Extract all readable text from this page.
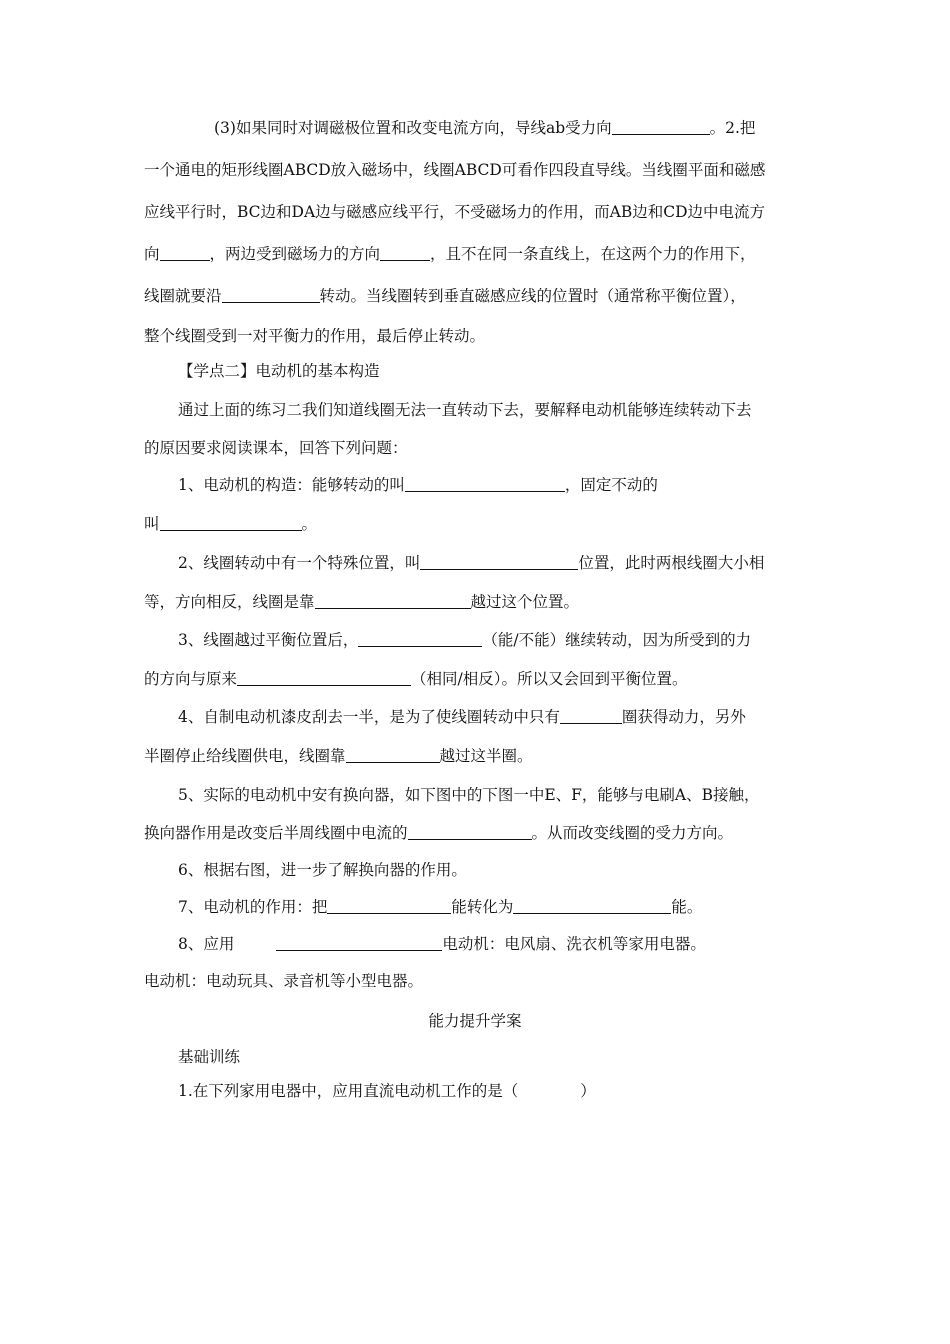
(3)如果同时对调磁极位置和改变电流方向，导线ab受力向	。2.把
一个通电的矩形线圈ABCD放入磁场中，线圈ABCD可看作四段直导线。当线圈平面和磁感
应线平行时，BC边和DA边与磁感应线平行，不受磁场力的作用，而AB边和CD边中电流方
向	，两边受到磁场力的方向	，且不在同一条直线上，在这两个力的作用下，
线圈就要沿	转动。当线圈转到垂直磁感应线的位置时（通常称平衡位置），
整个线圈受到一对平衡力的作用，最后停止转动。
【学点二】电动机的基本构造
通过上面的练习二我们知道线圈无法一直转动下去，要解释电动机能够连续转动下去
的原因要求阅读课本，回答下列问题：
1、电动机的构造：能够转动的叫	，固定不动的
叫	。
2、线圈转动中有一个特殊位置，叫	位置，此时两根线圈大小相
等，方向相反，线圈是靠	越过这个位置。
3、线圈越过平衡位置后，	（能/不能）继续转动，因为所受到的力
的方向与原来	（相同/相反）。所以又会回到平衡位置。
4、自制电动机漆皮刮去一半，是为了使线圈转动中只有	圈获得动力，另外
半圈停止给线圈供电，线圈靠	越过这半圈。
5、实际的电动机中安有换向器，如下图中的下图一中E、F，能够与电刷A、B接触，
换向器作用是改变后半周线圈中电流的	。从而改变线圈的受力方向。
6、根据右图，进一步了解换向器的作用。
7、电动机的作用：把	能转化为	能。
8、应用	电动机：电风扇、洗衣机等家用电器。
电动机：电动玩具、录音机等小型电器。
能力提升学案
基础训练
1.在下列家用电器中，应用直流电动机工作的是（　　　　）
